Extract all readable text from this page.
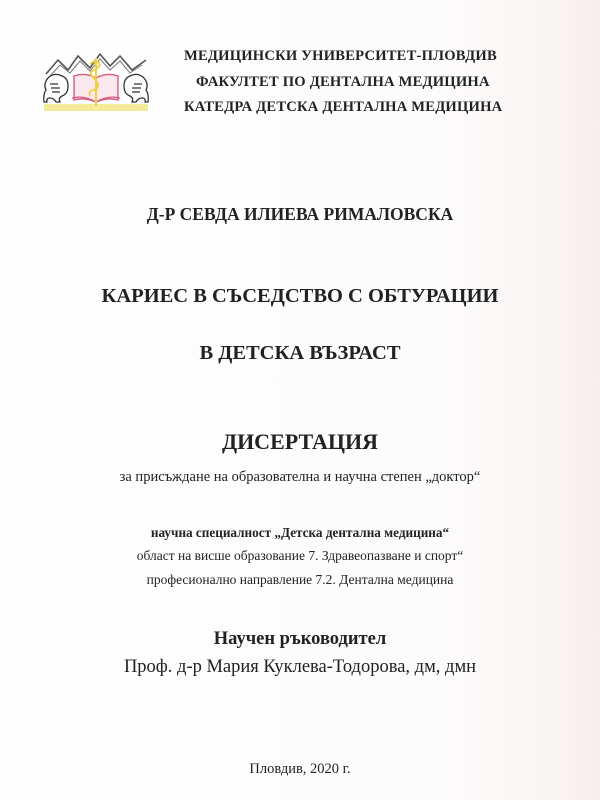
МЕДИЦИНСКИ УНИВЕРСИТЕТ-ПЛОВДИВ
ФАКУЛТЕТ ПО ДЕНТАЛНА МЕДИЦИНА
КАТЕДРА ДЕТСКА ДЕНТАЛНА МЕДИЦИНА
Д-Р СЕВДА ИЛИЕВА РИМАЛОВСКА
КАРИЕС В СЪСЕДСТВО С ОБТУРАЦИИ
В ДЕТСКА ВЪЗРАСТ
ДИСЕРТАЦИЯ
за присъждане на образователна и научна степен „доктор“
научна специалност „Детска дентална медицина“
област на висше образование 7. Здравеопазване и спорт“
професионално направление 7.2. Дентална медицина
Научен ръководител
Проф. д-р Мария Куклева-Тодорова, дм, дмн
Пловдив, 2020 г.
